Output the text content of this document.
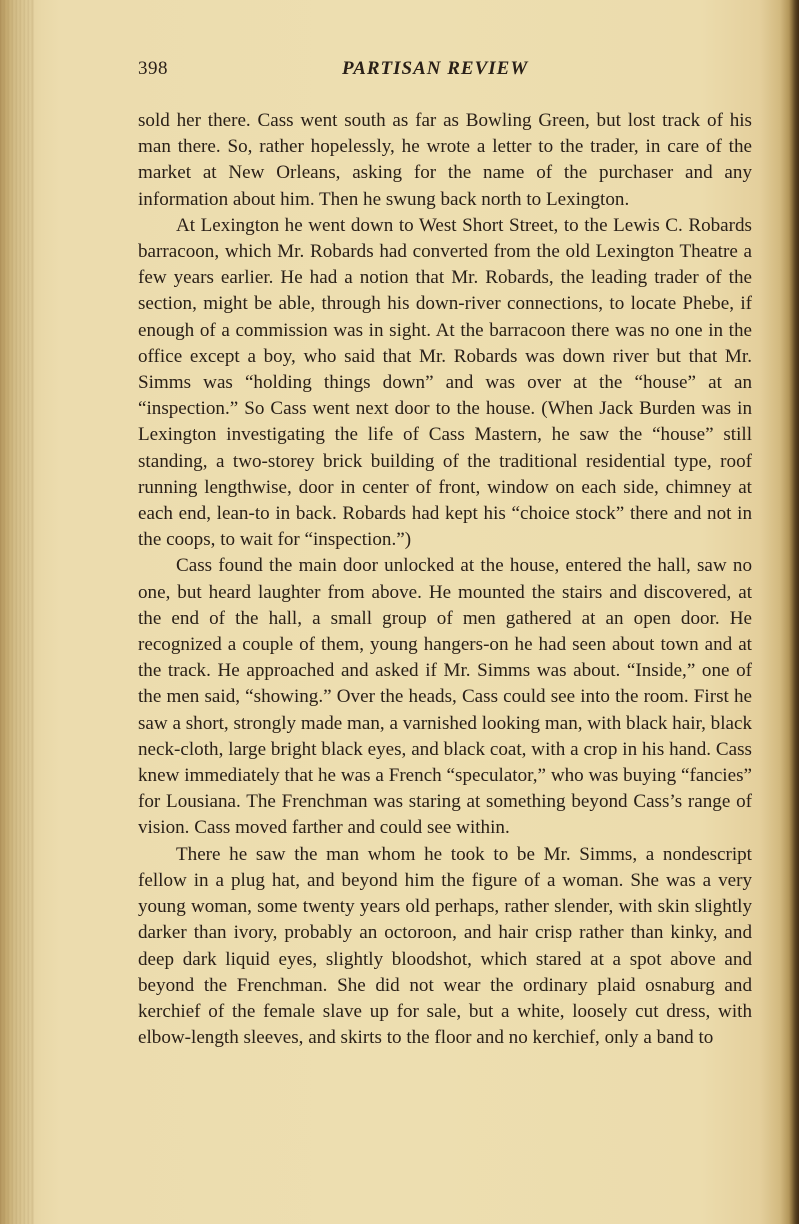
398	PARTISAN REVIEW

sold her there. Cass went south as far as Bowling Green, but lost track of his man there. So, rather hopelessly, he wrote a letter to the trader, in care of the market at New Orleans, asking for the name of the purchaser and any information about him. Then he swung back north to Lexington.

At Lexington he went down to West Short Street, to the Lewis C. Robards barracoon, which Mr. Robards had converted from the old Lexington Theatre a few years earlier. He had a notion that Mr. Robards, the leading trader of the section, might be able, through his down-river connections, to locate Phebe, if enough of a commission was in sight. At the barracoon there was no one in the office except a boy, who said that Mr. Robards was down river but that Mr. Simms was “holding things down” and was over at the “house” at an “inspection.” So Cass went next door to the house. (When Jack Burden was in Lexington investigating the life of Cass Mastern, he saw the “house” still standing, a two-storey brick building of the traditional residential type, roof running lengthwise, door in center of front, window on each side, chimney at each end, lean-to in back. Robards had kept his “choice stock” there and not in the coops, to wait for “inspection.”)

Cass found the main door unlocked at the house, entered the hall, saw no one, but heard laughter from above. He mounted the stairs and discovered, at the end of the hall, a small group of men gathered at an open door. He recognized a couple of them, young hangers-on he had seen about town and at the track. He approached and asked if Mr. Simms was about. “Inside,” one of the men said, “showing.” Over the heads, Cass could see into the room. First he saw a short, strongly made man, a varnished looking man, with black hair, black neck-cloth, large bright black eyes, and black coat, with a crop in his hand. Cass knew immediately that he was a French “speculator,” who was buying “fancies” for Lousiana. The Frenchman was staring at something beyond Cass’s range of vision. Cass moved farther and could see within.

There he saw the man whom he took to be Mr. Simms, a nondescript fellow in a plug hat, and beyond him the figure of a woman. She was a very young woman, some twenty years old perhaps, rather slender, with skin slightly darker than ivory, probably an octoroon, and hair crisp rather than kinky, and deep dark liquid eyes, slightly bloodshot, which stared at a spot above and beyond the Frenchman. She did not wear the ordinary plaid osnaburg and kerchief of the female slave up for sale, but a white, loosely cut dress, with elbow-length sleeves, and skirts to the floor and no kerchief, only a band to
